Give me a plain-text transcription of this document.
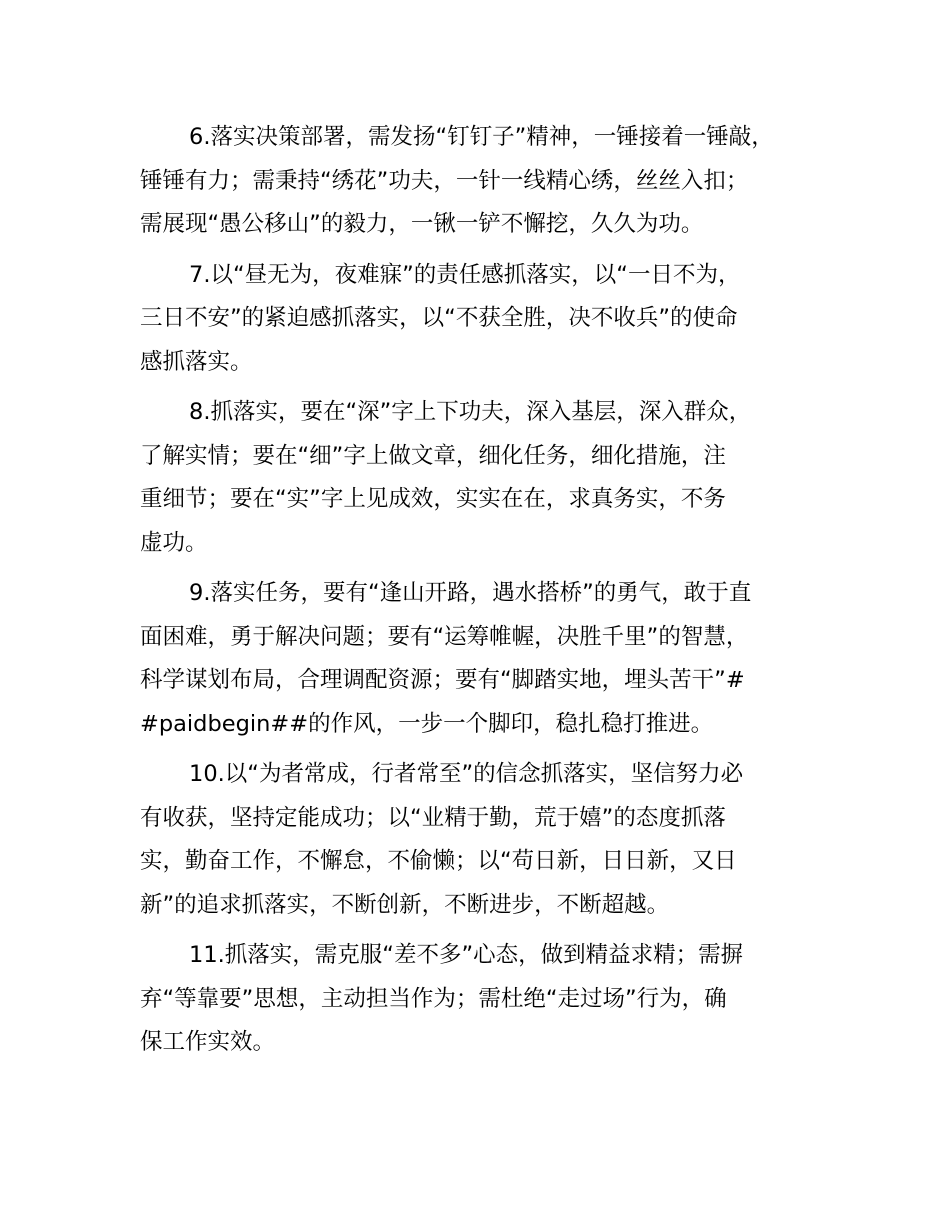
6.落实决策部署，需发扬“钉钉子”精神，一锤接着一锤敲，
锤锤有力；需秉持“绣花”功夫，一针一线精心绣，丝丝入扣；
需展现“愚公移山”的毅力，一锹一铲不懈挖，久久为功。
7.以“昼无为，夜难寐”的责任感抓落实，以“一日不为，
三日不安”的紧迫感抓落实，以“不获全胜，决不收兵”的使命
感抓落实。
8.抓落实，要在“深”字上下功夫，深入基层，深入群众，
了解实情；要在“细”字上做文章，细化任务，细化措施，注
重细节；要在“实”字上见成效，实实在在，求真务实，不务
虚功。
9.落实任务，要有“逢山开路，遇水搭桥”的勇气，敢于直
面困难，勇于解决问题；要有“运筹帷幄，决胜千里”的智慧，
科学谋划布局，合理调配资源；要有“脚踏实地，埋头苦干”#
#paidbegin##的作风，一步一个脚印，稳扎稳打推进。
10.以“为者常成，行者常至”的信念抓落实，坚信努力必
有收获，坚持定能成功；以“业精于勤，荒于嬉”的态度抓落
实，勤奋工作，不懈怠，不偷懒；以“苟日新，日日新，又日
新”的追求抓落实，不断创新，不断进步，不断超越。
11.抓落实，需克服“差不多”心态，做到精益求精；需摒
弃“等靠要”思想，主动担当作为；需杜绝“走过场”行为，确
保工作实效。
